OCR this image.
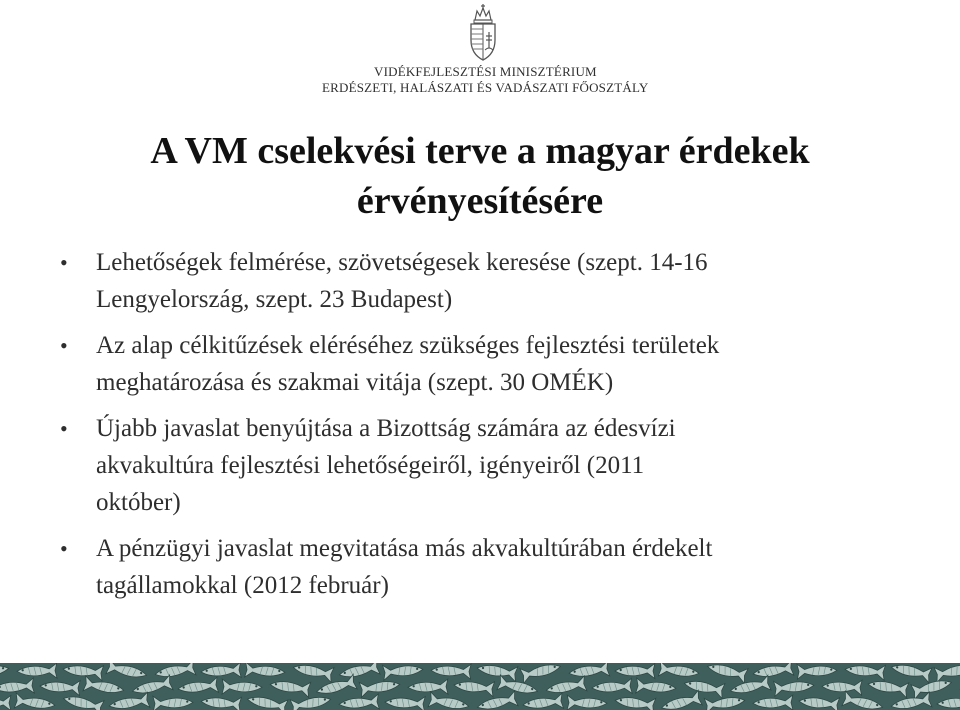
VIDÉKFEJLESZTÉSI MINISZTÉRIUM
ERDÉSZETI, HALÁSZATI ÉS VADÁSZATI FŐOSZTÁLY
A VM cselekvési terve a magyar érdekek
érvényesítésére
• Lehetőségek felmérése, szövetségesek keresése (szept. 14-16
Lengyelország, szept. 23 Budapest)
• Az alap célkitűzések eléréséhez szükséges fejlesztési területek
meghatározása és szakmai vitája (szept. 30 OMÉK)
• Újabb javaslat benyújtása a Bizottság számára az édesvízi
akvakultúra fejlesztési lehetőségeiről, igényeiről (2011
október)
• A pénzügyi javaslat megvitatása más akvakultúrában érdekelt
tagállamokkal (2012 február)
